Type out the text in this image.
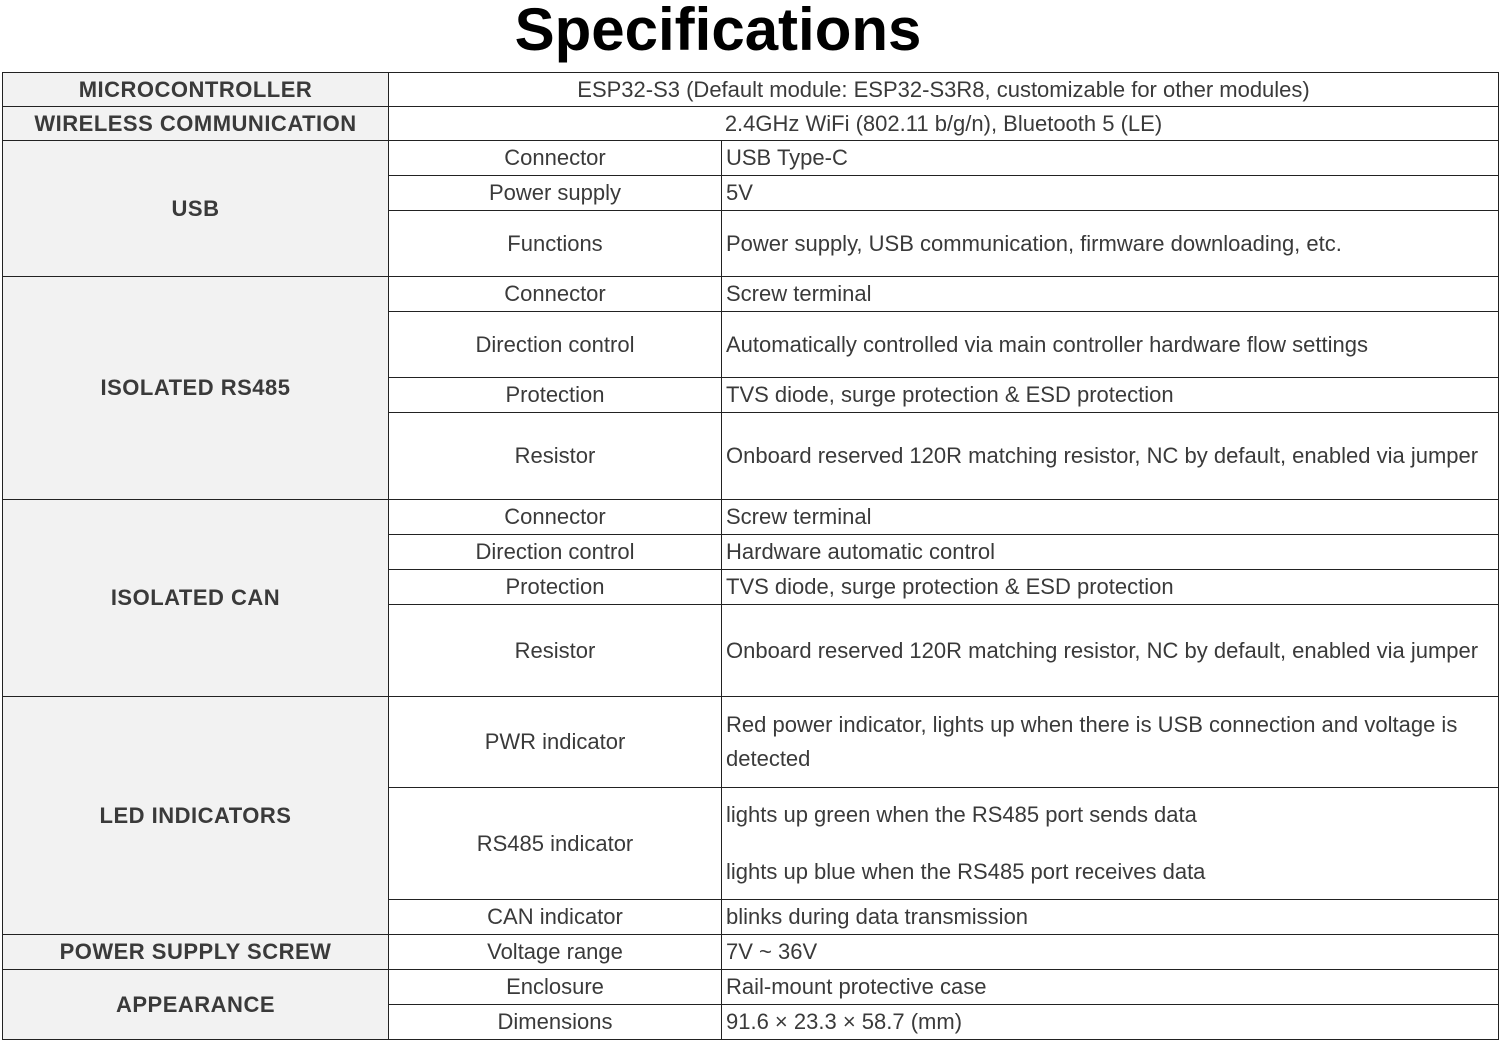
Specifications
MICROCONTROLLER	ESP32-S3 (Default module: ESP32-S3R8, customizable for other modules)	
WIRELESS COMMUNICATION	2.4GHz WiFi (802.11 b/g/n), Bluetooth 5 (LE)	
USB	Connector	USB Type-C
	Power supply	5V
	Functions	Power supply, USB communication, firmware downloading, etc.
ISOLATED RS485	Connector	Screw terminal
	Direction control	Automatically controlled via main controller hardware flow settings
	Protection	TVS diode, surge protection & ESD protection
	Resistor	Onboard reserved 120R matching resistor, NC by default, enabled via jumper
ISOLATED CAN	Connector	Screw terminal
	Direction control	Hardware automatic control
	Protection	TVS diode, surge protection & ESD protection
	Resistor	Onboard reserved 120R matching resistor, NC by default, enabled via jumper
LED INDICATORS	PWR indicator	Red power indicator, lights up when there is USB connection and voltage is detected
	RS485 indicator	lights up green when the RS485 port sends data
lights up blue when the RS485 port receives data

	CAN indicator	blinks during data transmission
POWER SUPPLY SCREW	Voltage range	7V ~ 36V
APPEARANCE	Enclosure	Rail-mount protective case
	Dimensions	91.6 × 23.3 × 58.7 (mm)
